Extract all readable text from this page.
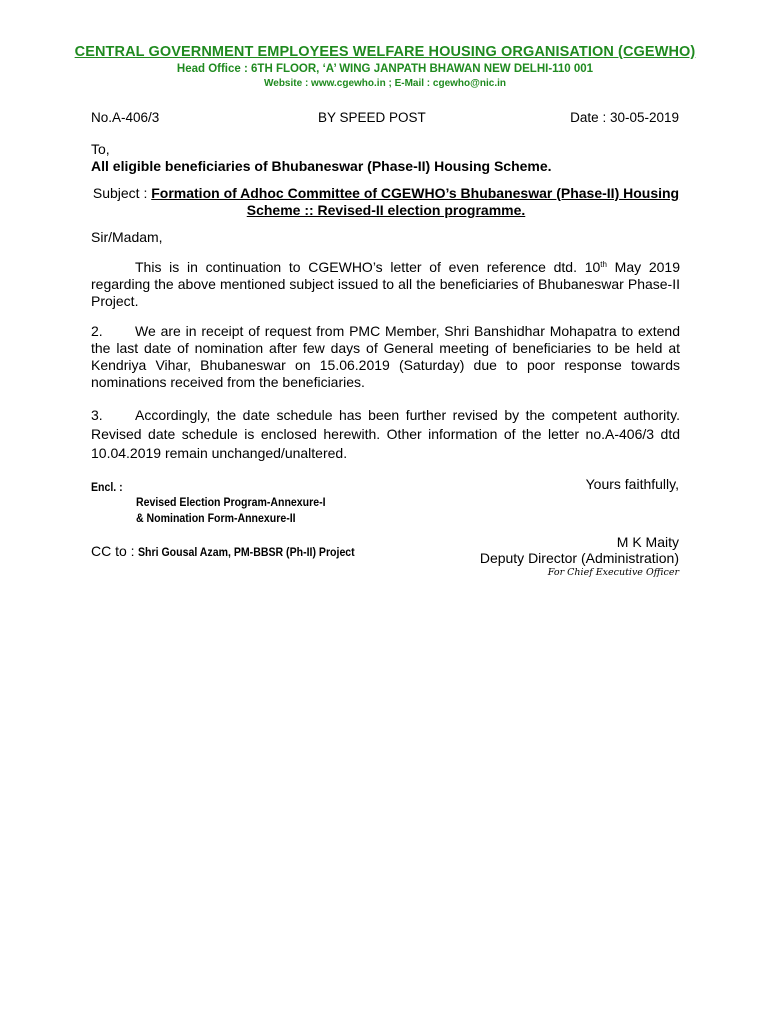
CENTRAL GOVERNMENT EMPLOYEES WELFARE HOUSING ORGANISATION (CGEWHO)
Head Office : 6TH FLOOR, ‘A’ WING JANPATH BHAWAN NEW DELHI-110 001
Website : www.cgewho.in ; E-Mail : cgewho@nic.in
No.A-406/3	BY SPEED POST	Date : 30-05-2019
To,
All eligible beneficiaries of Bhubaneswar (Phase-II) Housing Scheme.
Subject : Formation of Adhoc Committee of CGEWHO’s Bhubaneswar (Phase-II) Housing Scheme :: Revised-II election programme.
Sir/Madam,
This is in continuation to CGEWHO’s letter of even reference dtd. 10th May 2019 regarding the above mentioned subject issued to all the beneficiaries of Bhubaneswar Phase-II Project.
2. We are in receipt of request from PMC Member, Shri Banshidhar Mohapatra to extend the last date of nomination after few days of General meeting of beneficiaries to be held at Kendriya Vihar, Bhubaneswar on 15.06.2019 (Saturday) due to poor response towards nominations received from the beneficiaries.
3. Accordingly, the date schedule has been further revised by the competent authority. Revised date schedule is enclosed herewith. Other information of the letter no.A-406/3 dtd 10.04.2019 remain unchanged/unaltered.
Encl. :
Revised Election Program-Annexure-I
& Nomination Form-Annexure-II
CC to : Shri Gousal Azam, PM-BBSR (Ph-II) Project
Yours faithfully,
M K Maity
Deputy Director (Administration)
For Chief Executive Officer
